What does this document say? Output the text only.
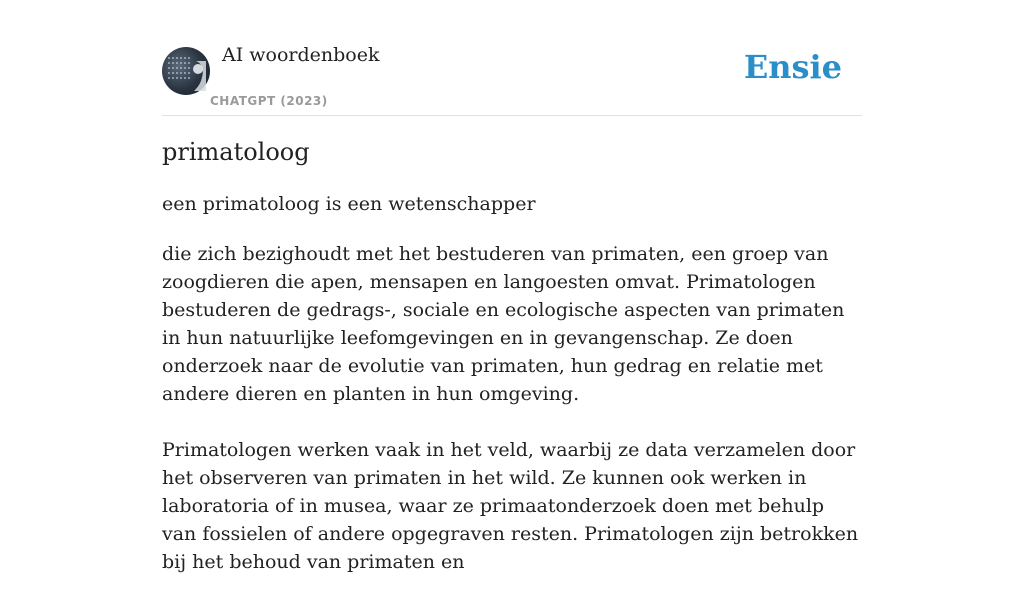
AI woordenboek
CHATGPT (2023)
Ensie
primatoloog
een primatoloog is een wetenschapper

die zich bezighoudt met het bestuderen van primaten, een groep van zoogdieren die apen, mensapen en langoesten omvat. Primatologen bestuderen de gedrags-, sociale en ecologische aspecten van primaten in hun natuurlijke leefomgevingen en in gevangenschap. Ze doen onderzoek naar de evolutie van primaten, hun gedrag en relatie met andere dieren en planten in hun omgeving.

Primatologen werken vaak in het veld, waarbij ze data verzamelen door het observeren van primaten in het wild. Ze kunnen ook werken in laboratoria of in musea, waar ze primaatonderzoek doen met behulp van fossielen of andere opgegraven resten. Primatologen zijn betrokken bij het behoud van primaten en
